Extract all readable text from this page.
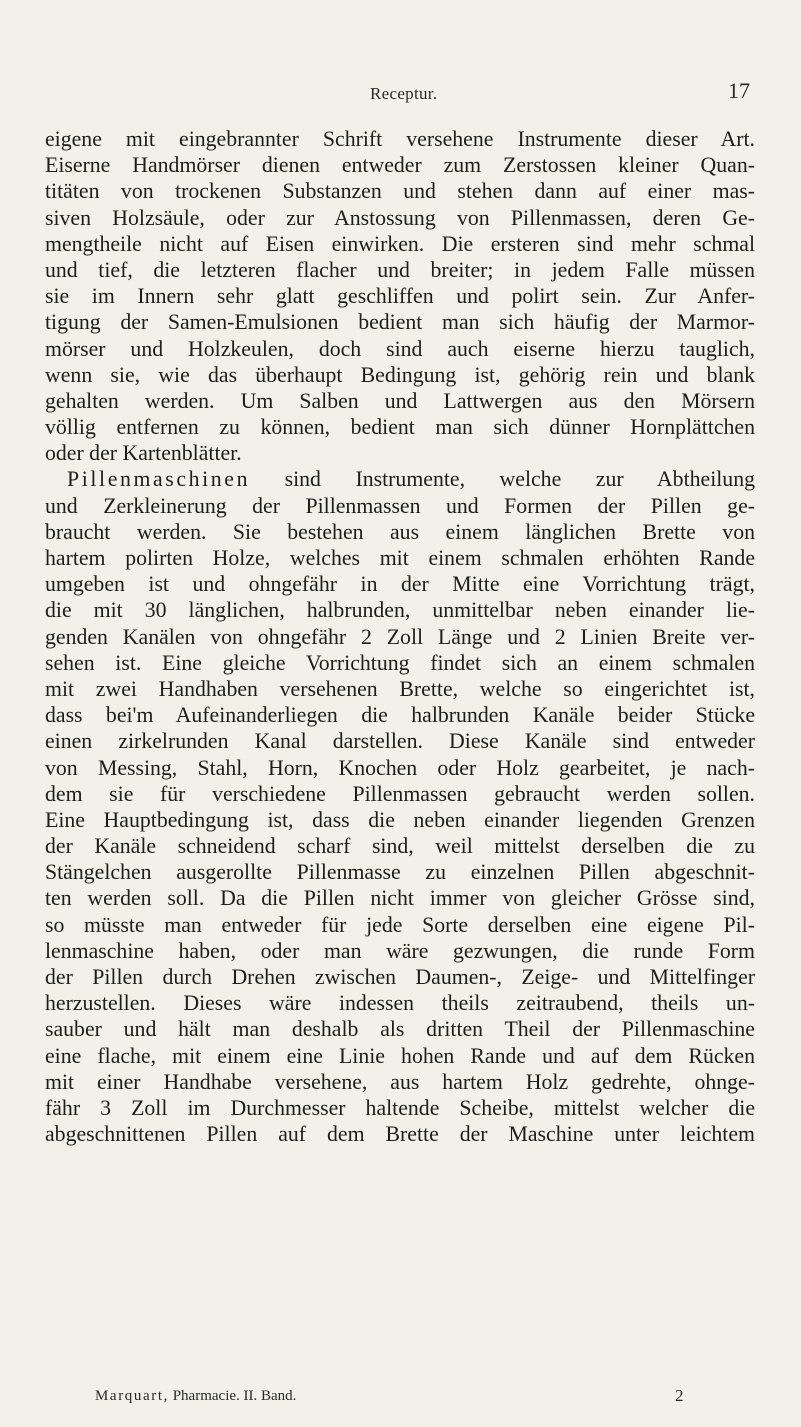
Receptur.	17
eigene mit eingebrannter Schrift versehene Instrumente dieser Art.
Eiserne Handmörser dienen entweder zum Zerstossen kleiner Quan-
titäten von trockenen Substanzen und stehen dann auf einer mas-
siven Holzsäule, oder zur Anstossung von Pillenmassen, deren Ge-
mengtheile nicht auf Eisen einwirken. Die ersteren sind mehr schmal
und tief, die letzteren flacher und breiter; in jedem Falle müssen
sie im Innern sehr glatt geschliffen und polirt sein. Zur Anfer-
tigung der Samen-Emulsionen bedient man sich häufig der Marmor-
mörser und Holzkeulen, doch sind auch eiserne hierzu tauglich,
wenn sie, wie das überhaupt Bedingung ist, gehörig rein und blank
gehalten werden. Um Salben und Lattwergen aus den Mörsern
völlig entfernen zu können, bedient man sich dünner Hornplättchen
oder der Kartenblätter.
Pillenmaschinen sind Instrumente, welche zur Abtheilung
und Zerkleinerung der Pillenmassen und Formen der Pillen ge-
braucht werden. Sie bestehen aus einem länglichen Brette von
hartem polirten Holze, welches mit einem schmalen erhöhten Rande
umgeben ist und ohngefähr in der Mitte eine Vorrichtung trägt,
die mit 30 länglichen, halbrunden, unmittelbar neben einander lie-
genden Kanälen von ohngefähr 2 Zoll Länge und 2 Linien Breite ver-
sehen ist. Eine gleiche Vorrichtung findet sich an einem schmalen
mit zwei Handhaben versehenen Brette, welche so eingerichtet ist,
dass bei'm Aufeinanderliegen die halbrunden Kanäle beider Stücke
einen zirkelrunden Kanal darstellen. Diese Kanäle sind entweder
von Messing, Stahl, Horn, Knochen oder Holz gearbeitet, je nach-
dem sie für verschiedene Pillenmassen gebraucht werden sollen.
Eine Hauptbedingung ist, dass die neben einander liegenden Grenzen
der Kanäle schneidend scharf sind, weil mittelst derselben die zu
Stängelchen ausgerollte Pillenmasse zu einzelnen Pillen abgeschnit-
ten werden soll. Da die Pillen nicht immer von gleicher Grösse sind,
so müsste man entweder für jede Sorte derselben eine eigene Pil-
lenmaschine haben, oder man wäre gezwungen, die runde Form
der Pillen durch Drehen zwischen Daumen-, Zeige- und Mittelfinger
herzustellen. Dieses wäre indessen theils zeitraubend, theils un-
sauber und hält man deshalb als dritten Theil der Pillenmaschine
eine flache, mit einem eine Linie hohen Rande und auf dem Rücken
mit einer Handhabe versehene, aus hartem Holz gedrehte, ohnge-
fähr 3 Zoll im Durchmesser haltende Scheibe, mittelst welcher die
abgeschnittenen Pillen auf dem Brette der Maschine unter leichtem
Marquart, Pharmacie. II. Band.	2
